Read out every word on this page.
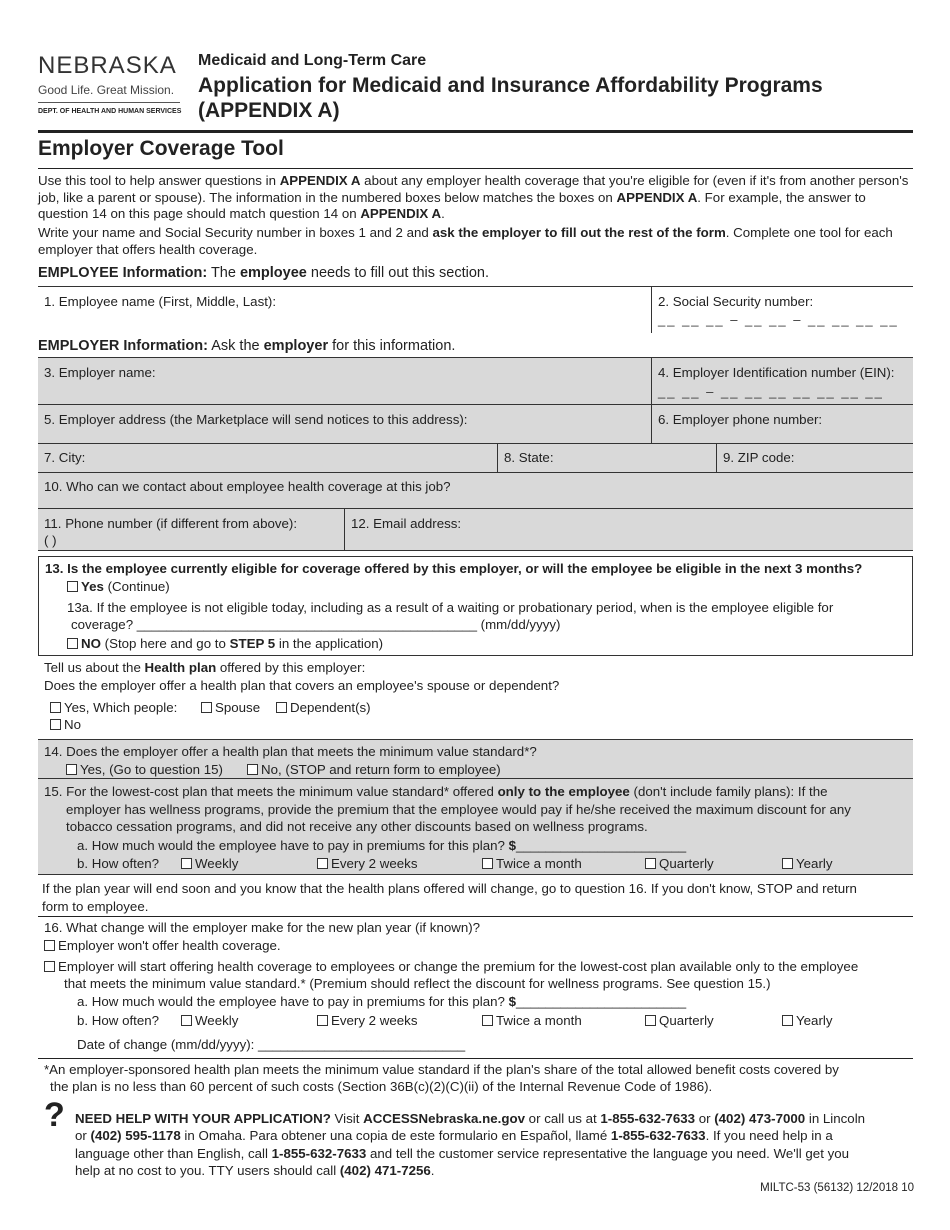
NEBRASKA
Good Life. Great Mission.
DEPT. OF HEALTH AND HUMAN SERVICES
Medicaid and Long-Term Care
Application for Medicaid and Insurance Affordability Programs
(APPENDIX A)
Employer Coverage Tool
Use this tool to help answer questions in APPENDIX A about any employer health coverage that you're eligible for (even if it's from another person's job, like a parent or spouse). The information in the numbered boxes below matches the boxes on APPENDIX A. For example, the answer to question 14 on this page should match question 14 on APPENDIX A.
Write your name and Social Security number in boxes 1 and 2 and ask the employer to fill out the rest of the form. Complete one tool for each employer that offers health coverage.
EMPLOYEE Information: The employee needs to fill out this section.
1. Employee name (First, Middle, Last):	2. Social Security number:
__ __ __ – __ __ – __ __ __ __
EMPLOYER Information: Ask the employer for this information.
3. Employer name:	4. Employer Identification number (EIN):
__ __ – __ __ __ __ __ __ __
5. Employer address (the Marketplace will send notices to this address):	6. Employer phone number:
7. City:	8. State:	9. ZIP code:
10. Who can we contact about employee health coverage at this job?
11. Phone number (if different from above):
( )
12. Email address:
13. Is the employee currently eligible for coverage offered by this employer, or will the employee be eligible in the next 3 months?
Yes (Continue)
13a. If the employee is not eligible today, including as a result of a waiting or probationary period, when is the employee eligible for
coverage? ______________________________________________ (mm/dd/yyyy)
NO (Stop here and go to STEP 5 in the application)
Tell us about the Health plan offered by this employer:
Does the employer offer a health plan that covers an employee's spouse or dependent?
Yes, Which people:	Spouse	Dependent(s)
No
14. Does the employer offer a health plan that meets the minimum value standard*?
Yes, (Go to question 15)	No, (STOP and return form to employee)
15. For the lowest-cost plan that meets the minimum value standard* offered only to the employee (don't include family plans): If the
employer has wellness programs, provide the premium that the employee would pay if he/she received the maximum discount for any
tobacco cessation programs, and did not receive any other discounts based on wellness programs.
a. How much would the employee have to pay in premiums for this plan? $_______________________
b. How often?	Weekly	Every 2 weeks	Twice a month	Quarterly	Yearly
If the plan year will end soon and you know that the health plans offered will change, go to question 16. If you don't know, STOP and return
form to employee.
16. What change will the employer make for the new plan year (if known)?
Employer won't offer health coverage.
Employer will start offering health coverage to employees or change the premium for the lowest-cost plan available only to the employee
that meets the minimum value standard.* (Premium should reflect the discount for wellness programs. See question 15.)
a. How much would the employee have to pay in premiums for this plan? $_______________________
b. How often?	Weekly	Every 2 weeks	Twice a month	Quarterly	Yearly
Date of change (mm/dd/yyyy): ____________________________
*An employer-sponsored health plan meets the minimum value standard if the plan's share of the total allowed benefit costs covered by
the plan is no less than 60 percent of such costs (Section 36B(c)(2)(C)(ii) of the Internal Revenue Code of 1986).
? NEED HELP WITH YOUR APPLICATION? Visit ACCESSNebraska.ne.gov or call us at 1-855-632-7633 or (402) 473-7000 in Lincoln
or (402) 595-1178 in Omaha. Para obtener una copia de este formulario en Español, llamé 1-855-632-7633. If you need help in a
language other than English, call 1-855-632-7633 and tell the customer service representative the language you need. We'll get you
help at no cost to you. TTY users should call (402) 471-7256.
MILTC-53 (56132) 12/2018 10
